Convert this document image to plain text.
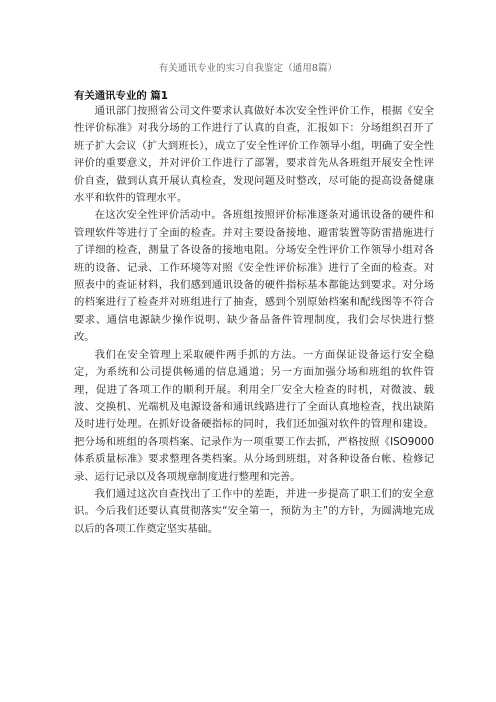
有关通讯专业的实习自我鉴定（通用8篇）
有关通讯专业的 篇1

通讯部门按照省公司文件要求认真做好本次安全性评价工作，根据《安全性评价标准》对我分场的工作进行了认真的自查，汇报如下：分场组织召开了班子扩大会议（扩大到班长），成立了安全性评价工作领导小组，明确了安全性评价的重要意义，并对评价工作进行了部署，要求首先从各班组开展安全性评价自查，做到认真开展认真检查，发现问题及时整改，尽可能的提高设备健康水平和软件的管理水平。

在这次安全性评价活动中。各班组按照评价标准逐条对通讯设备的硬件和管理软件等进行了全面的检查。并对主要设备接地、避雷装置等防雷措施进行了详细的检查，测量了各设备的接地电阻。分场安全性评价工作领导小组对各班的设备、记录、工作环境等对照《安全性评价标准》进行了全面的检查。对照表中的查证材料，我们感到通讯设备的硬件指标基本都能达到要求。对分场的档案进行了检查并对班组进行了抽查，感到个别原始档案和配线图等不符合要求、通信电源缺少操作说明、缺少备品备件管理制度，我们会尽快进行整改。

我们在安全管理上采取硬件两手抓的方法。一方面保证设备运行安全稳定，为系统和公司提供畅通的信息通道；另一方面加强分场和班组的软件管理，促进了各项工作的顺利开展。利用全厂安全大检查的时机，对微波、载波、交换机、光端机及电源设备和通讯线路进行了全面认真地检查，找出缺陷及时进行处理。在抓好设备硬指标的同时，我们还加强对软件的管理和建设。把分场和班组的各项档案、记录作为一项重要工作去抓，严格按照《ISO9000 体系质量标准》要求整理各类档案。从分场到班组，对各种设备台帐、检修记录、运行记录以及各项规章制度进行整理和完善。

我们通过这次自查找出了工作中的差距，并进一步提高了职工们的安全意识。今后我们还要认真贯彻落实“安全第一，预防为主”的方针，为圆满地完成以后的各项工作奠定坚实基础。
